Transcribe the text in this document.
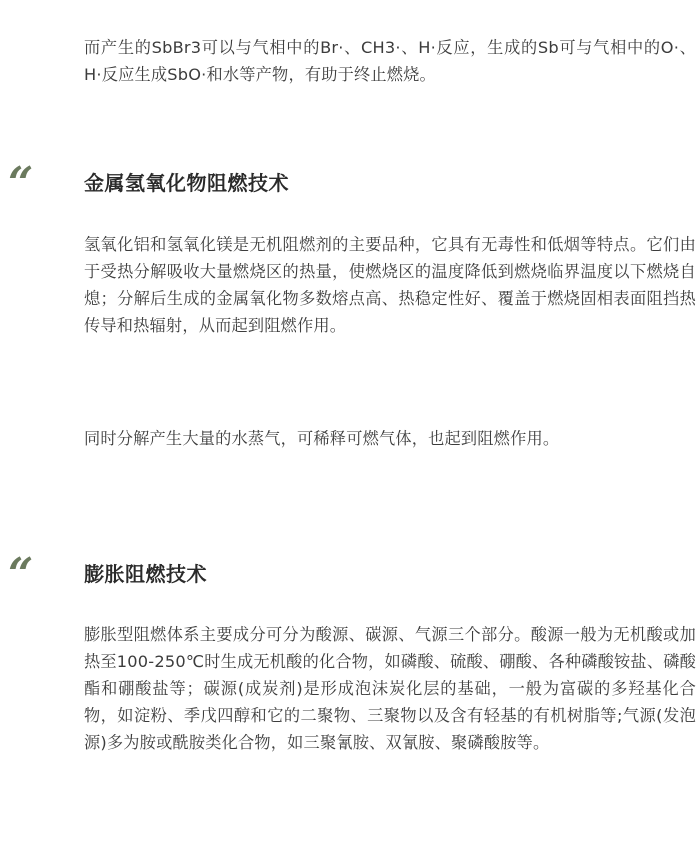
而产生的SbBr3可以与气相中的Br·、CH3·、H·反应，生成的Sb可与气相中的O·、H·反应生成SbO·和水等产物，有助于终止燃烧。

“	金属氢氧化物阻燃技术

氢氧化铝和氢氧化镁是无机阻燃剂的主要品种，它具有无毒性和低烟等特点。它们由于受热分解吸收大量燃烧区的热量，使燃烧区的温度降低到燃烧临界温度以下燃烧自熄；分解后生成的金属氧化物多数熔点高、热稳定性好、覆盖于燃烧固相表面阻挡热传导和热辐射，从而起到阻燃作用。

同时分解产生大量的水蒸气，可稀释可燃气体，也起到阻燃作用。

“	膨胀阻燃技术

膨胀型阻燃体系主要成分可分为酸源、碳源、气源三个部分。酸源一般为无机酸或加热至100-250℃时生成无机酸的化合物，如磷酸、硫酸、硼酸、各种磷酸铵盐、磷酸酯和硼酸盐等；碳源(成炭剂)是形成泡沫炭化层的基础，一般为富碳的多羟基化合物，如淀粉、季戊四醇和它的二聚物、三聚物以及含有轻基的有机树脂等;气源(发泡源)多为胺或酰胺类化合物，如三聚氰胺、双氰胺、聚磷酸胺等。
